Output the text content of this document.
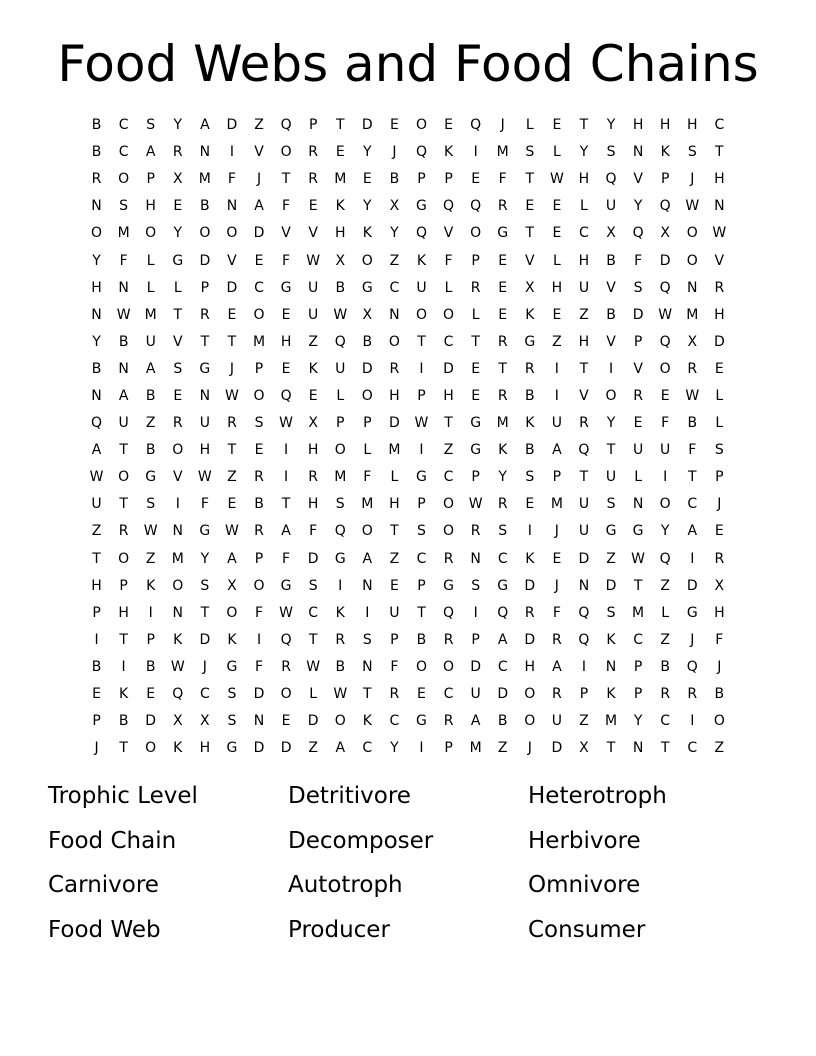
Food Webs and Food Chains
B	C	S	Y	A	D	Z	Q	P	T	D	E	O	E	Q	J	L	E	T	Y	H	H	H	C
B	C	A	R	N	I	V	O	R	E	Y	J	Q	K	I	M	S	L	Y	S	N	K	S	T
R	O	P	X	M	F	J	T	R	M	E	B	P	P	E	F	T	W	H	Q	V	P	J	H
N	S	H	E	B	N	A	F	E	K	Y	X	G	Q	Q	R	E	E	L	U	Y	Q	W	N
O	M	O	Y	O	O	D	V	V	H	K	Y	Q	V	O	G	T	E	C	X	Q	X	O	W
Y	F	L	G	D	V	E	F	W	X	O	Z	K	F	P	E	V	L	H	B	F	D	O	V
H	N	L	L	P	D	C	G	U	B	G	C	U	L	R	E	X	H	U	V	S	Q	N	R
N	W	M	T	R	E	O	E	U	W	X	N	O	O	L	E	K	E	Z	B	D	W	M	H
Y	B	U	V	T	T	M	H	Z	Q	B	O	T	C	T	R	G	Z	H	V	P	Q	X	D
B	N	A	S	G	J	P	E	K	U	D	R	I	D	E	T	R	I	T	I	V	O	R	E
N	A	B	E	N	W	O	Q	E	L	O	H	P	H	E	R	B	I	V	O	R	E	W	L
Q	U	Z	R	U	R	S	W	X	P	P	D	W	T	G	M	K	U	R	Y	E	F	B	L
A	T	B	O	H	T	E	I	H	O	L	M	I	Z	G	K	B	A	Q	T	U	U	F	S
W	O	G	V	W	Z	R	I	R	M	F	L	G	C	P	Y	S	P	T	U	L	I	T	P
U	T	S	I	F	E	B	T	H	S	M	H	P	O	W	R	E	M	U	S	N	O	C	J
Z	R	W	N	G	W	R	A	F	Q	O	T	S	O	R	S	I	J	U	G	G	Y	A	E
T	O	Z	M	Y	A	P	F	D	G	A	Z	C	R	N	C	K	E	D	Z	W	Q	I	R
H	P	K	O	S	X	O	G	S	I	N	E	P	G	S	G	D	J	N	D	T	Z	D	X
P	H	I	N	T	O	F	W	C	K	I	U	T	Q	I	Q	R	F	Q	S	M	L	G	H
I	T	P	K	D	K	I	Q	T	R	S	P	B	R	P	A	D	R	Q	K	C	Z	J	F
B	I	B	W	J	G	F	R	W	B	N	F	O	O	D	C	H	A	I	N	P	B	Q	J
E	K	E	Q	C	S	D	O	L	W	T	R	E	C	U	D	O	R	P	K	P	R	R	B
P	B	D	X	X	S	N	E	D	O	K	C	G	R	A	B	O	U	Z	M	Y	C	I	O
J	T	O	K	H	G	D	D	Z	A	C	Y	I	P	M	Z	J	D	X	T	N	T	C	Z
Trophic Level	Detritivore	Heterotroph
Food Chain	Decomposer	Herbivore
Carnivore	Autotroph	Omnivore
Food Web	Producer	Consumer
